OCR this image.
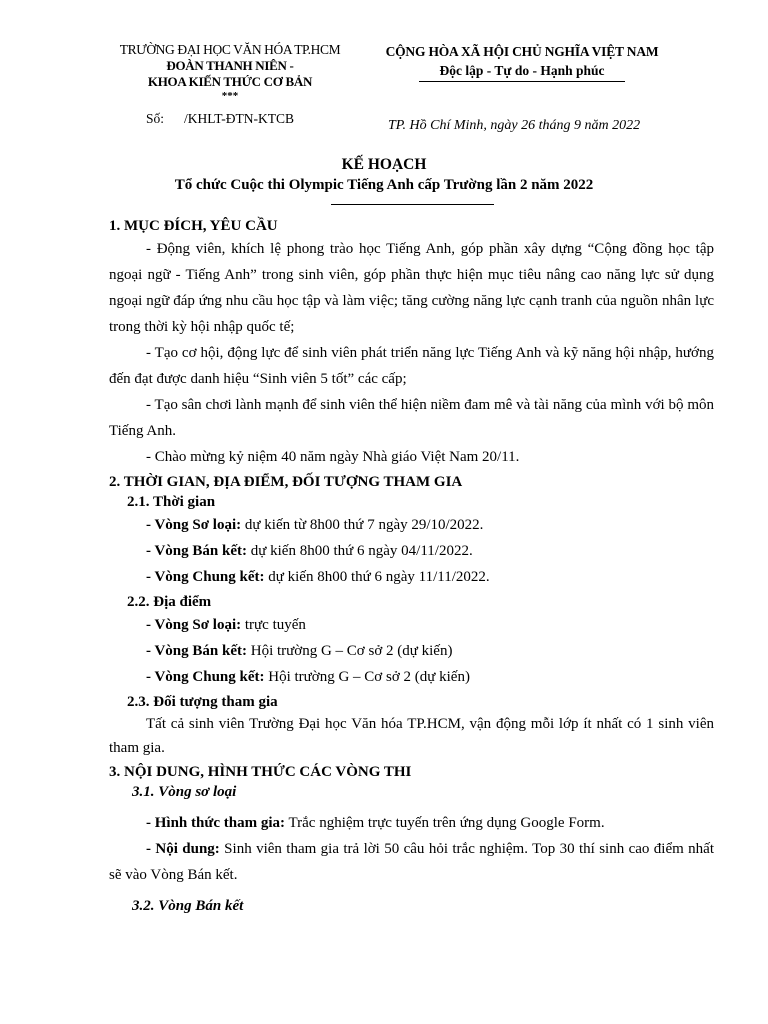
TRƯỜNG ĐẠI HỌC VĂN HÓA TP.HCM
ĐOÀN THANH NIÊN -
KHOA KIẾN THỨC CƠ BẢN
***
CỘNG HÒA XÃ HỘI CHỦ NGHĨA VIỆT NAM
Độc lập - Tự do - Hạnh phúc
Số: /KHLT-ĐTN-KTCB	TP. Hồ Chí Minh, ngày 26 tháng 9 năm 2022
KẾ HOẠCH
Tổ chức Cuộc thi Olympic Tiếng Anh cấp Trường lần 2 năm 2022
1. MỤC ĐÍCH, YÊU CẦU

- Động viên, khích lệ phong trào học Tiếng Anh, góp phần xây dựng “Cộng đồng học tập ngoại ngữ - Tiếng Anh” trong sinh viên, góp phần thực hiện mục tiêu nâng cao năng lực sử dụng ngoại ngữ đáp ứng nhu cầu học tập và làm việc; tăng cường năng lực cạnh tranh của nguồn nhân lực trong thời kỳ hội nhập quốc tế;

- Tạo cơ hội, động lực để sinh viên phát triển năng lực Tiếng Anh và kỹ năng hội nhập, hướng đến đạt được danh hiệu “Sinh viên 5 tốt” các cấp;

- Tạo sân chơi lành mạnh để sinh viên thể hiện niềm đam mê và tài năng của mình với bộ môn Tiếng Anh.

- Chào mừng kỷ niệm 40 năm ngày Nhà giáo Việt Nam 20/11.

2. THỜI GIAN, ĐỊA ĐIỂM, ĐỐI TƯỢNG THAM GIA
2.1. Thời gian

- Vòng Sơ loại: dự kiến từ 8h00 thứ 7 ngày 29/10/2022.

- Vòng Bán kết: dự kiến 8h00 thứ 6 ngày 04/11/2022.

- Vòng Chung kết: dự kiến 8h00 thứ 6 ngày 11/11/2022.

2.2. Địa điểm

- Vòng Sơ loại: trực tuyến

- Vòng Bán kết: Hội trường G – Cơ sở 2 (dự kiến)

- Vòng Chung kết: Hội trường G – Cơ sở 2 (dự kiến)

2.3. Đối tượng tham gia

Tất cả sinh viên Trường Đại học Văn hóa TP.HCM, vận động mỗi lớp ít nhất có 1 sinh viên tham gia.

3. NỘI DUNG, HÌNH THỨC CÁC VÒNG THI
3.1. Vòng sơ loại

- Hình thức tham gia: Trắc nghiệm trực tuyến trên ứng dụng Google Form.

- Nội dung: Sinh viên tham gia trả lời 50 câu hỏi trắc nghiệm. Top 30 thí sinh cao điểm nhất sẽ vào Vòng Bán kết.

3.2. Vòng Bán kết
